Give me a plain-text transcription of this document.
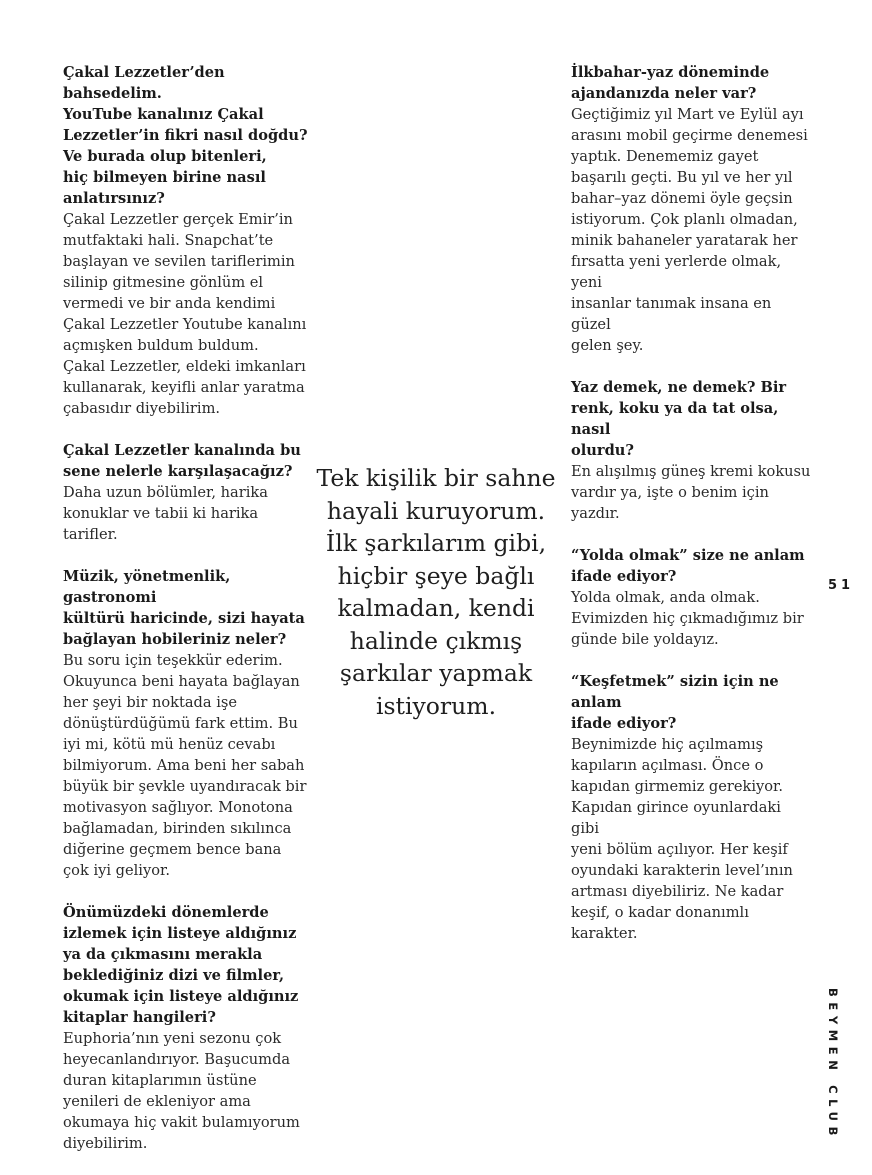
Çakal Lezzetler’den bahsedelim.
YouTube kanalınız Çakal
Lezzetler’in fikri nasıl doğdu?
Ve burada olup bitenleri,
hiç bilmeyen birine nasıl
anlatırsınız?
Çakal Lezzetler gerçek Emir’in
mutfaktaki hali. Snapchat’te
başlayan ve sevilen tariflerimin
silinip gitmesine gönlüm el
vermedi ve bir anda kendimi
Çakal Lezzetler Youtube kanalını
açmışken buldum buldum.
Çakal Lezzetler, eldeki imkanları
kullanarak, keyifli anlar yaratma
çabasıdır diyebilirim.
Çakal Lezzetler kanalında bu
sene nelerle karşılaşacağız?
Daha uzun bölümler, harika
konuklar ve tabii ki harika
tarifler.
Müzik, yönetmenlik, gastronomi
kültürü haricinde, sizi hayata
bağlayan hobileriniz neler?
Bu soru için teşekkür ederim.
Okuyunca beni hayata bağlayan
her şeyi bir noktada işe
dönüştürdüğümü fark ettim. Bu
iyi mi, kötü mü henüz cevabı
bilmiyorum. Ama beni her sabah
büyük bir şevkle uyandıracak bir
motivasyon sağlıyor. Monotona
bağlamadan, birinden sıkılınca
diğerine geçmem bence bana
çok iyi geliyor.
Önümüzdeki dönemlerde
izlemek için listeye aldığınız
ya da çıkmasını merakla
beklediğiniz dizi ve filmler,
okumak için listeye aldığınız
kitaplar hangileri?
Euphoria’nın yeni sezonu çok
heyecanlandırıyor. Başucumda
duran kitaplarımın üstüne
yenileri de ekleniyor ama
okumaya hiç vakit bulamıyorum
diyebilirim.
Tek kişilik bir sahne
hayali kuruyorum.
İlk şarkılarım gibi,
hiçbir şeye bağlı
kalmadan, kendi
halinde çıkmış
şarkılar yapmak
istiyorum.
İlkbahar-yaz döneminde
ajandanızda neler var?
Geçtiğimiz yıl Mart ve Eylül ayı
arasını mobil geçirme denemesi
yaptık. Denememiz gayet
başarılı geçti. Bu yıl ve her yıl
bahar–yaz dönemi öyle geçsin
istiyorum. Çok planlı olmadan,
minik bahaneler yaratarak her
fırsatta yeni yerlerde olmak, yeni
insanlar tanımak insana en güzel
gelen şey.
Yaz demek, ne demek? Bir
renk, koku ya da tat olsa, nasıl
olurdu?
En alışılmış güneş kremi kokusu
vardır ya, işte o benim için
yazdır.
“Yolda olmak” size ne anlam
ifade ediyor?
Yolda olmak, anda olmak.
Evimizden hiç çıkmadığımız bir
günde bile yoldayız.
“Keşfetmek” sizin için ne anlam
ifade ediyor?
Beynimizde hiç açılmamış
kapıların açılması. Önce o
kapıdan girmemiz gerekiyor.
Kapıdan girince oyunlardaki gibi
yeni bölüm açılıyor. Her keşif
oyundaki karakterin level’ının
artması diyebiliriz. Ne kadar
keşif, o kadar donanımlı karakter.
51
BEYMEN CLUB
